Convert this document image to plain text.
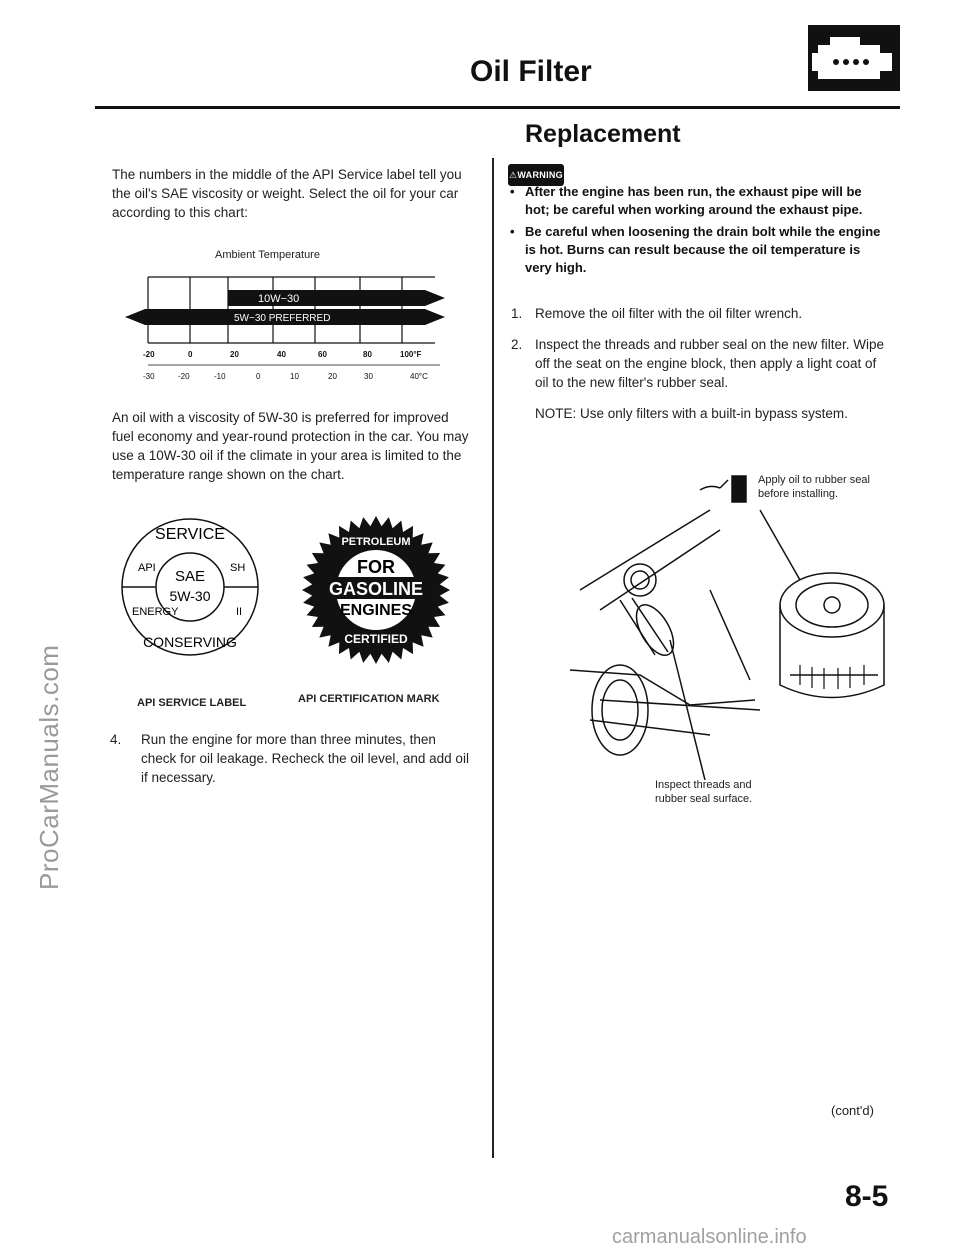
ProCarManuals.com
carmanualsonline.info
Oil Filter
The numbers in the middle of the API Service label tell you the oil's SAE viscosity or weight. Select the oil for your car according to this chart:
Ambient Temperature
10W−30
5W−30 PREFERRED
-20	0	20	40	60	80	100°F
-30	-20	-10	0	10	20	30	40°C
An oil with a viscosity of 5W-30 is preferred for improved fuel economy and year-round protection in the car. You may use a 10W-30 oil if the climate in your area is limited to the temperature range shown on the chart.
SAE
5W-30
SERVICE
CONSERVING
API	SH
ENERGY	II
FOR
GASOLINE
ENGINES
PETROLEUM
CERTIFIED
API SERVICE LABEL	API CERTIFICATION MARK
4. Run the engine for more than three minutes, then check for oil leakage. Recheck the oil level, and add oil if necessary.
Replacement
⚠WARNING
• After the engine has been run, the exhaust pipe will be hot; be careful when working around the exhaust pipe.
• Be careful when loosening the drain bolt while the engine is hot. Burns can result because the oil temperature is very high.
1. Remove the oil filter with the oil filter wrench.
2. Inspect the threads and rubber seal on the new filter. Wipe off the seat on the engine block, then apply a light coat of oil to the new filter's rubber seal.
NOTE: Use only filters with a built-in bypass system.
Apply oil to rubber seal
before installing.
Inspect threads and
rubber seal surface.
(cont'd)
8-5
